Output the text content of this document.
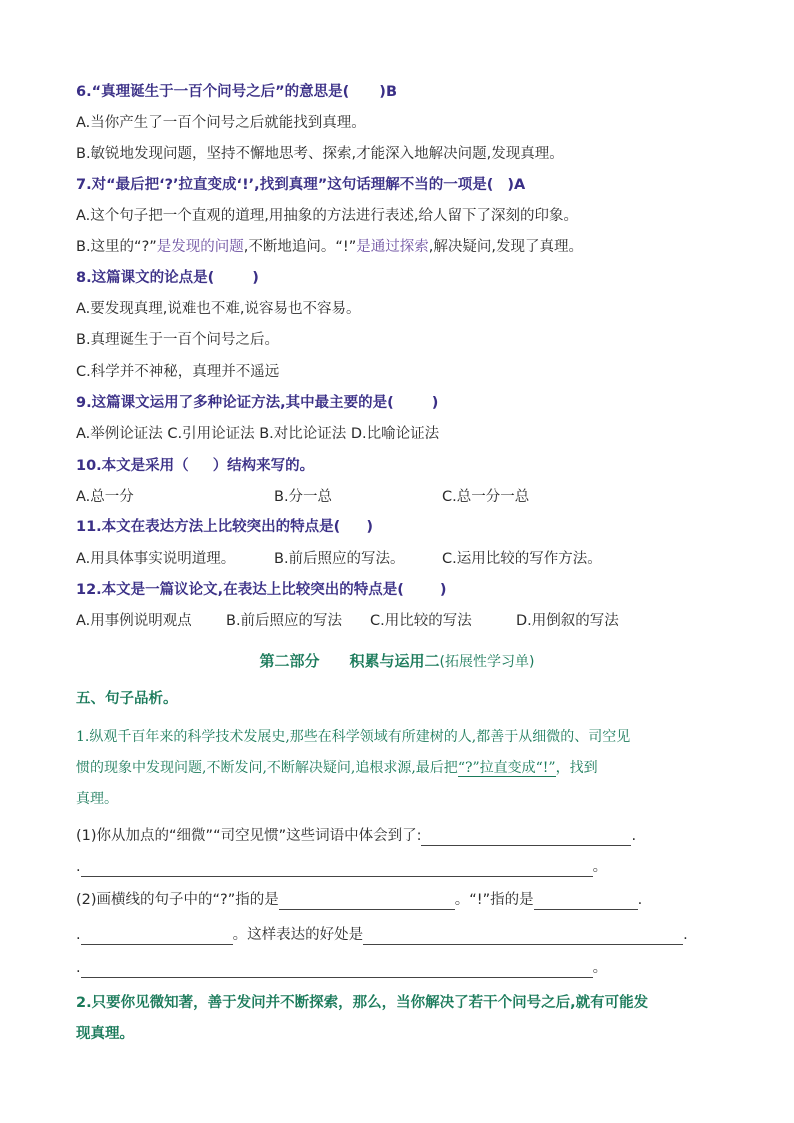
6.“真理诞生于一百个问号之后”的意思是( )B
A.当你产生了一百个问号之后就能找到真理。
B.敏锐地发现问题，坚持不懈地思考、探索,才能深入地解决问题,发现真理。
7.对“最后把‘?’拉直变成‘!’,找到真理”这句话理解不当的一项是( )A
A.这个句子把一个直观的道理,用抽象的方法进行表述,给人留下了深刻的印象。
B.这里的“?”是发现的问题,不断地追问。“!”是通过探索,解决疑问,发现了真理。
8.这篇课文的论点是(	)
A.要发现真理,说难也不难,说容易也不容易。
B.真理诞生于一百个问号之后。
C.科学并不神秘，真理并不遥远
9.这篇课文运用了多种论证方法,其中最主要的是(	)
A.举例论证法 C.引用论证法 B.对比论证法 D.比喻论证法
10.本文是采用（ ）结构来写的。
A.总一分	B.分一总	C.总一分一总
11.本文在表达方法上比较突出的特点是( )
A.用具体事实说明道理。	B.前后照应的写法。	C.运用比较的写作方法。
12.本文是一篇议论文,在表达上比较突出的特点是( )
A.用事例说明观点 B.前后照应的写法 C.用比较的写法	D.用倒叙的写法
第二部分　　积累与运用二(拓展性学习单)
五、句子品析。
1.纵观千百年来的科学技术发展史,那些在科学领域有所建树的人,都善于从细微的、司空见
惯的现象中发现问题,不断发问,不断解决疑问,追根求源,最后把“?”拉直变成“!”，找到
真理。
(1)你从加点的“细微”“司空见惯”这些词语中体会到了:	.
.	。
(2)画横线的句子中的“?”指的是	。“!”指的是	.
.	。这样表达的好处是	.
.	。
2.只要你见微知著，善于发问并不断探索，那么，当你解决了若干个问号之后,就有可能发
现真理。
